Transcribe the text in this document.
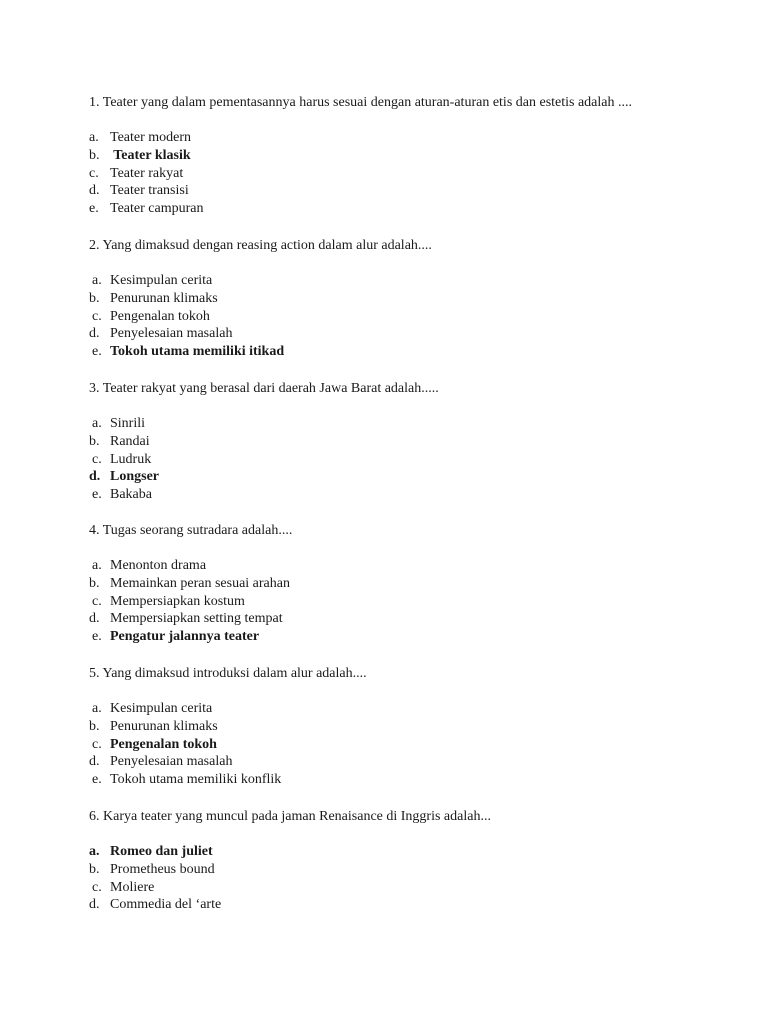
1. Teater yang dalam pementasannya harus sesuai dengan aturan-aturan etis dan estetis adalah ....
a. Teater modern
b. Teater klasik
c. Teater rakyat
d. Teater transisi
e. Teater campuran
2. Yang dimaksud dengan reasing action dalam alur adalah....
a. Kesimpulan cerita
b. Penurunan klimaks
c. Pengenalan tokoh
d. Penyelesaian masalah
e. Tokoh utama memiliki itikad
3. Teater rakyat yang berasal dari daerah Jawa Barat adalah.....
a. Sinrili
b. Randai
c. Ludruk
d. Longser
e. Bakaba
4. Tugas seorang sutradara adalah....
a. Menonton drama
b. Memainkan peran sesuai arahan
c. Mempersiapkan kostum
d. Mempersiapkan setting tempat
e. Pengatur jalannya teater
5. Yang dimaksud introduksi dalam alur adalah....
a. Kesimpulan cerita
b. Penurunan klimaks
c. Pengenalan tokoh
d. Penyelesaian masalah
e. Tokoh utama memiliki konflik
6. Karya teater yang muncul pada jaman Renaisance di Inggris adalah...
a. Romeo dan juliet
b. Prometheus bound
c. Moliere
d. Commedia del ‘arte
